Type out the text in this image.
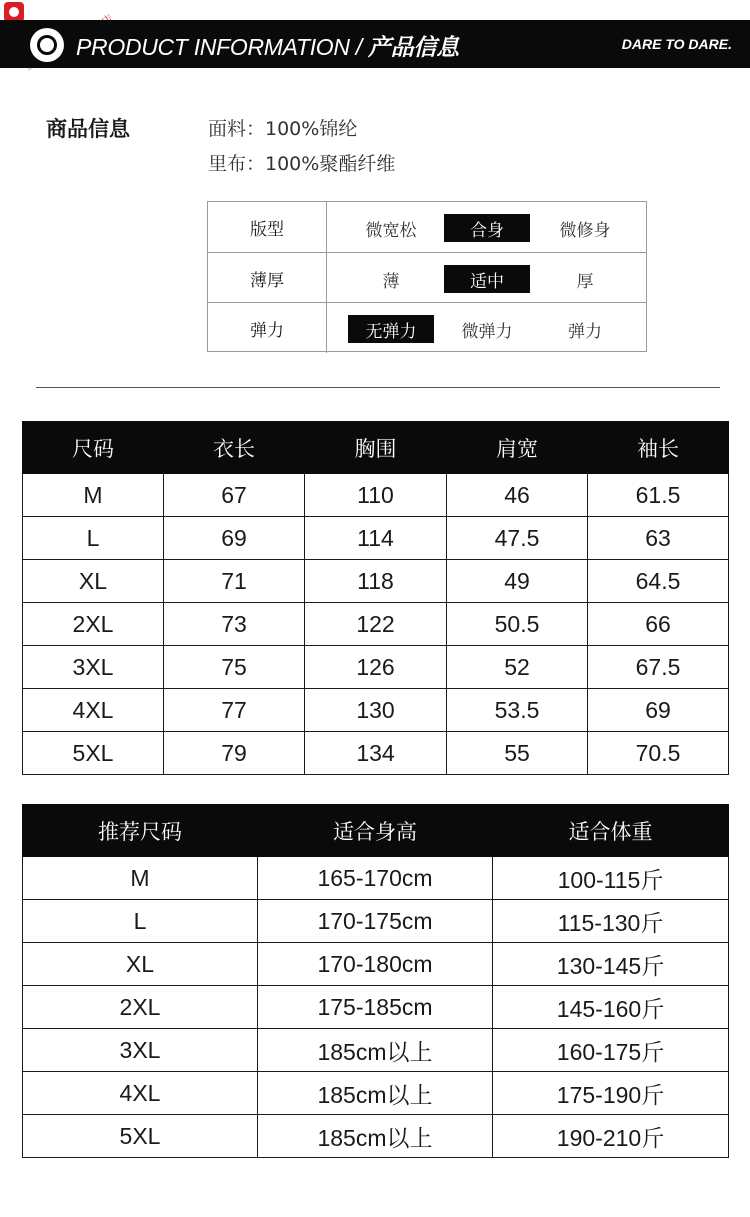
PRODUCT INFORMATION / 产品信息	DARE TO DARE.
商品信息	面料：100%锦纶
里布：100%聚酯纤维
版型	微宽松	合身	微修身
薄厚	薄	适中	厚
弹力	无弹力	微弹力	弹力
尺码	衣长	胸围	肩宽	袖长
M	67	110	46	61.5
L	69	114	47.5	63
XL	71	118	49	64.5
2XL	73	122	50.5	66
3XL	75	126	52	67.5
4XL	77	130	53.5	69
5XL	79	134	55	70.5
推荐尺码	适合身高	适合体重
M	165-170cm	100-115斤
L	170-175cm	115-130斤
XL	170-180cm	130-145斤
2XL	175-185cm	145-160斤
3XL	185cm以上	160-175斤
4XL	185cm以上	175-190斤
5XL	185cm以上	190-210斤
